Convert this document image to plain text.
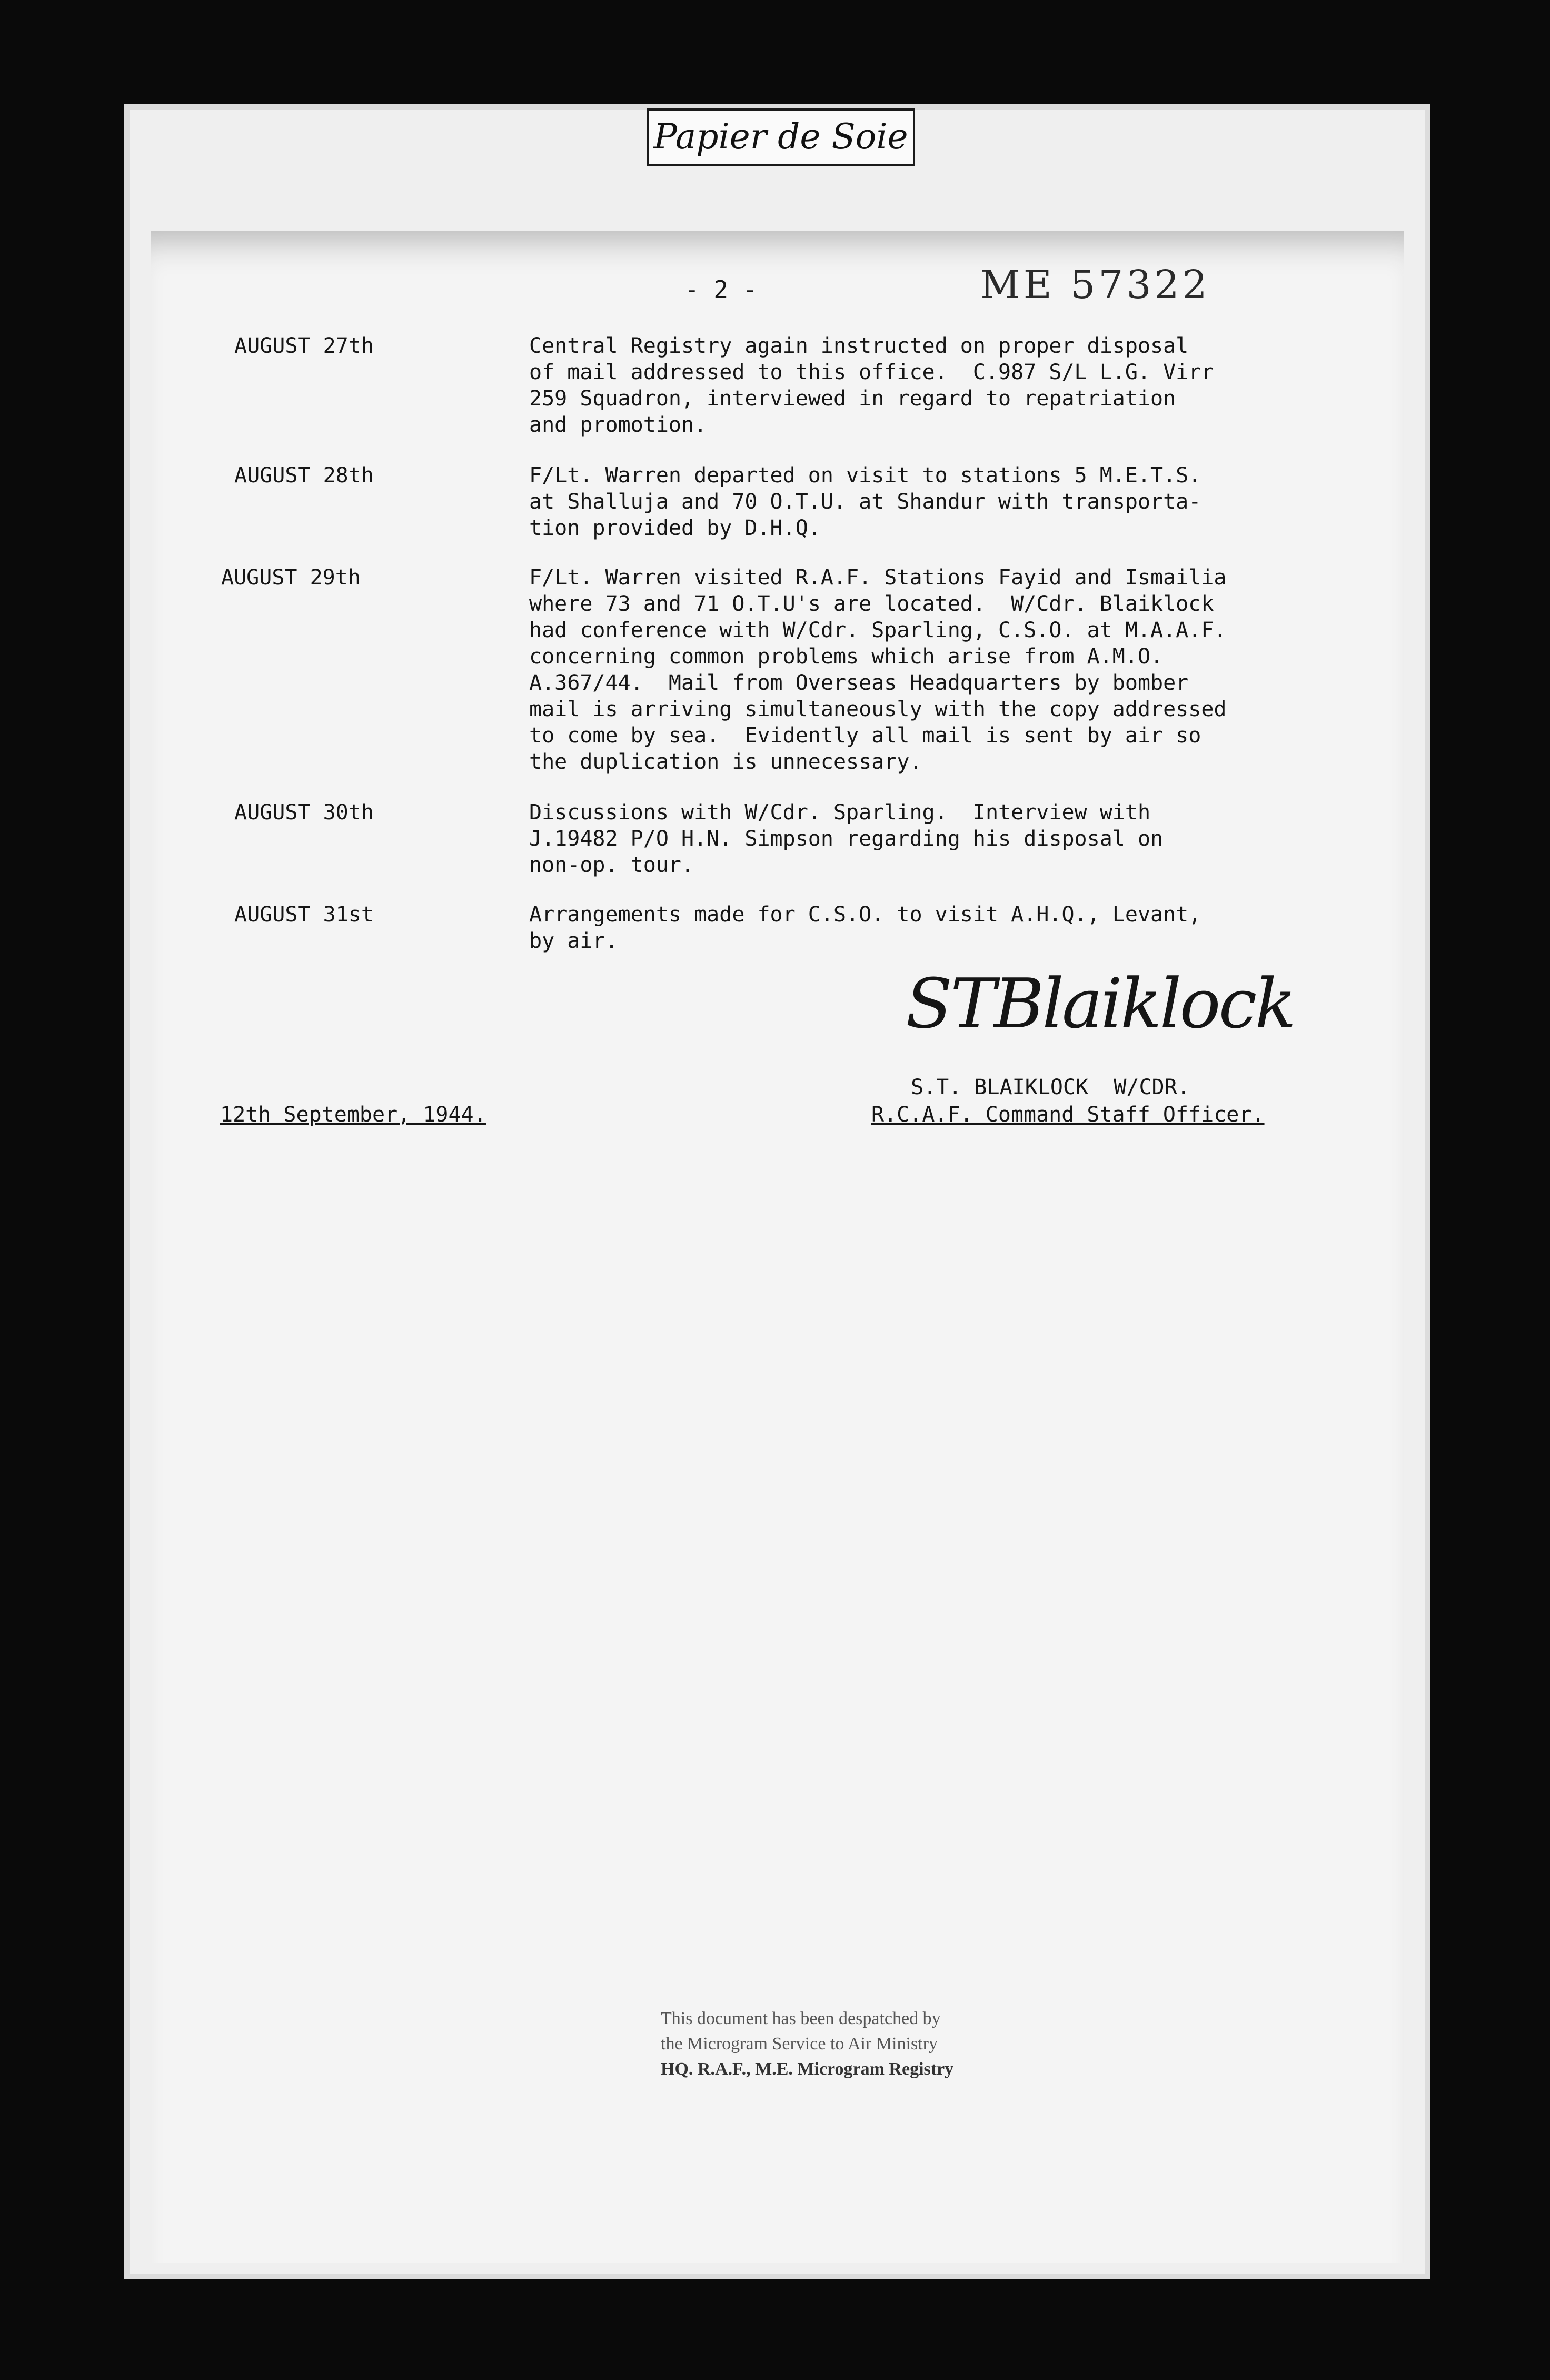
Papier de Soie
- 2 -	ME 57322
AUGUST 27th	Central Registry again instructed on proper disposal
of mail addressed to this office.  C.987 S/L L.G. Virr
259 Squadron, interviewed in regard to repatriation
and promotion.
AUGUST 28th	F/Lt. Warren departed on visit to stations 5 M.E.T.S.
at Shalluja and 70 O.T.U. at Shandur with transporta-
tion provided by D.H.Q.
AUGUST 29th	F/Lt. Warren visited R.A.F. Stations Fayid and Ismailia
where 73 and 71 O.T.U's are located.  W/Cdr. Blaiklock
had conference with W/Cdr. Sparling, C.S.O. at M.A.A.F.
concerning common problems which arise from A.M.O.
A.367/44.  Mail from Overseas Headquarters by bomber
mail is arriving simultaneously with the copy addressed
to come by sea.  Evidently all mail is sent by air so
the duplication is unnecessary.
AUGUST 30th	Discussions with W/Cdr. Sparling.  Interview with
J.19482 P/O H.N. Simpson regarding his disposal on
non-op. tour.
AUGUST 31st	Arrangements made for C.S.O. to visit A.H.Q., Levant,
by air.
STBlaiklock
S.T. BLAIKLOCK  W/CDR.
R.C.A.F. Command Staff Officer.
12th September, 1944.
This document has been despatched by
the Microgram Service to Air Ministry
HQ. R.A.F., M.E. Microgram Registry
